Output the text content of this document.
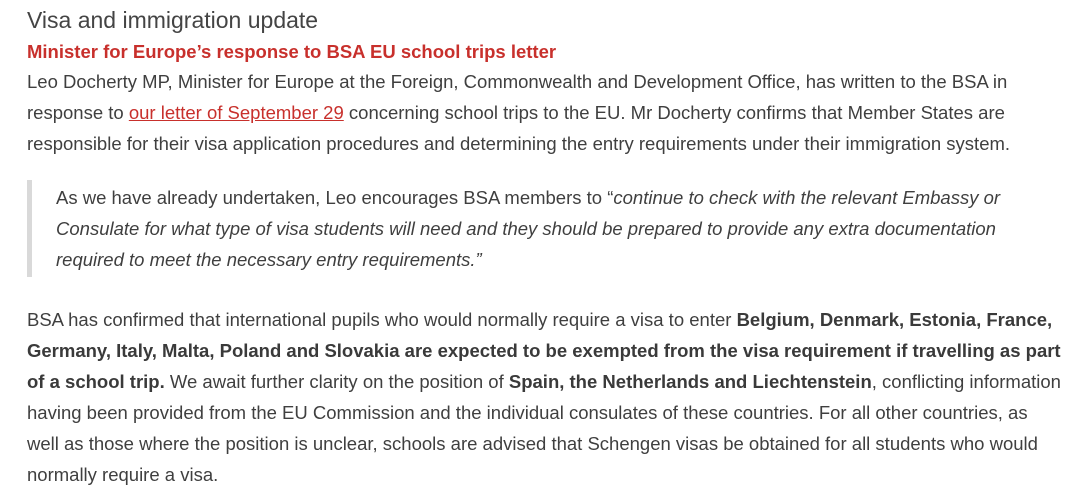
Visa and immigration update
Minister for Europe’s response to BSA EU school trips letter

Leo Docherty MP, Minister for Europe at the Foreign, Commonwealth and Development Office, has written to the BSA in response to our letter of September 29 concerning school trips to the EU. Mr Docherty confirms that Member States are responsible for their visa application procedures and determining the entry requirements under their immigration system.

As we have already undertaken, Leo encourages BSA members to “continue to check with the relevant Embassy or Consulate for what type of visa students will need and they should be prepared to provide any extra documentation required to meet the necessary entry requirements.”

BSA has confirmed that international pupils who would normally require a visa to enter Belgium, Denmark, Estonia, France, Germany, Italy, Malta, Poland and Slovakia are expected to be exempted from the visa requirement if travelling as part of a school trip. We await further clarity on the position of Spain, the Netherlands and Liechtenstein, conflicting information having been provided from the EU Commission and the individual consulates of these countries. For all other countries, as well as those where the position is unclear, schools are advised that Schengen visas be obtained for all students who would normally require a visa.
